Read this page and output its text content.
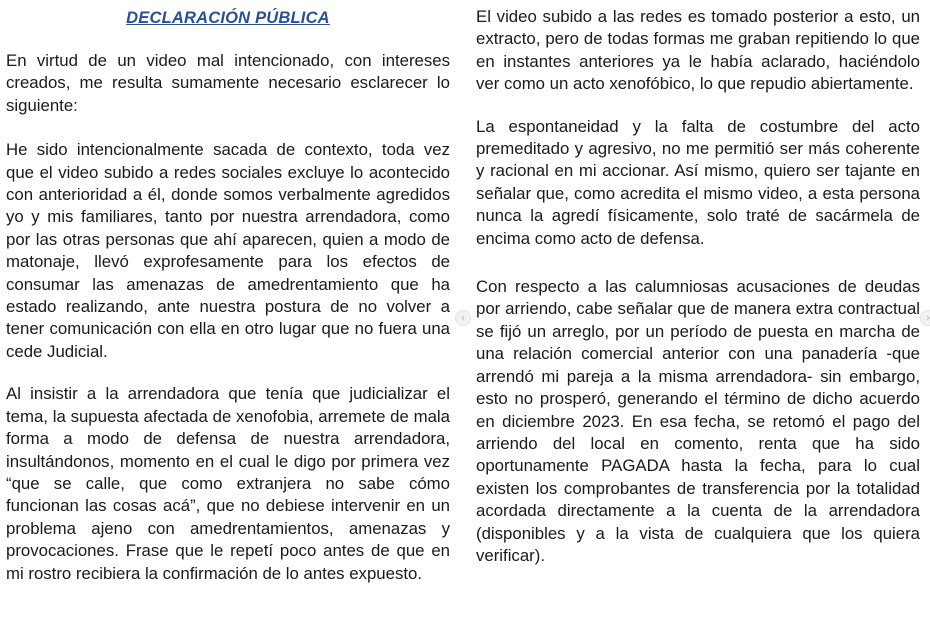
DECLARACIÓN PÚBLICA

En virtud de un video mal intencionado, con intereses creados, me resulta sumamente necesario esclarecer lo siguiente:

He sido intencionalmente sacada de contexto, toda vez que el video subido a redes sociales excluye lo acontecido con anterioridad a él, donde somos verbalmente agredidos yo y mis familiares, tanto por nuestra arrendadora, como por las otras personas que ahí aparecen, quien a modo de matonaje, llevó exprofesamente para los efectos de consumar las amenazas de amedrentamiento que ha estado realizando, ante nuestra postura de no volver a tener comunicación con ella en otro lugar que no fuera una cede Judicial.

Al insistir a la arrendadora que tenía que judicializar el tema, la supuesta afectada de xenofobia, arremete de mala forma a modo de defensa de nuestra arrendadora, insultándonos, momento en el cual le digo por primera vez “que se calle, que como extranjera no sabe cómo funcionan las cosas acá”, que no debiese intervenir en un problema ajeno con amedrentamientos, amenazas y provocaciones. Frase que le repetí poco antes de que en mi rostro recibiera la confirmación de lo antes expuesto.

El video subido a las redes es tomado posterior a esto, un extracto, pero de todas formas me graban repitiendo lo que en instantes anteriores ya le había aclarado, haciéndolo ver como un acto xenofóbico, lo que repudio abiertamente.

La espontaneidad y la falta de costumbre del acto premeditado y agresivo, no me permitió ser más coherente y racional en mi accionar. Así mismo, quiero ser tajante en señalar que, como acredita el mismo video, a esta persona nunca la agredí físicamente, solo traté de sacármela de encima como acto de defensa.

Con respecto a las calumniosas acusaciones de deudas por arriendo, cabe señalar que de manera extra contractual se fijó un arreglo, por un período de puesta en marcha de una relación comercial anterior con una panadería -que arrendó mi pareja a la misma arrendadora- sin embargo, esto no prosperó, generando el término de dicho acuerdo en diciembre 2023. En esa fecha, se retomó el pago del arriendo del local en comento, renta que ha sido oportunamente PAGADA hasta la fecha, para lo cual existen los comprobantes de transferencia por la totalidad acordada directamente a la cuenta de la arrendadora (disponibles y a la vista de cualquiera que los quiera verificar).

‹	›
